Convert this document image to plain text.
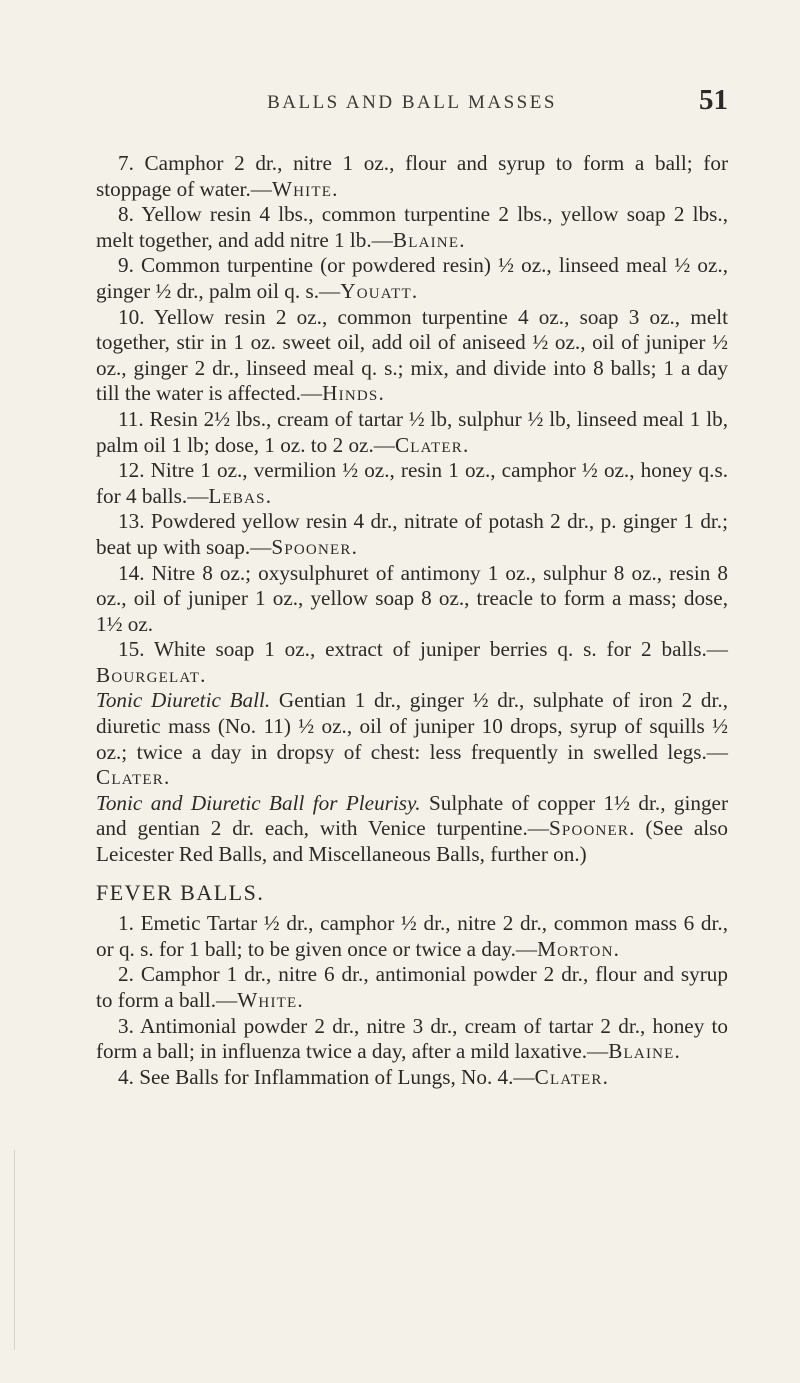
BALLS AND BALL MASSES	51

7. Camphor 2 dr., nitre 1 oz., flour and syrup to form a ball; for stoppage of water.—White.

8. Yellow resin 4 lbs., common turpentine 2 lbs., yellow soap 2 lbs., melt together, and add nitre 1 lb.—Blaine.

9. Common turpentine (or powdered resin) ½ oz., linseed meal ½ oz., ginger ½ dr., palm oil q. s.—Youatt.

10. Yellow resin 2 oz., common turpentine 4 oz., soap 3 oz., melt together, stir in 1 oz. sweet oil, add oil of aniseed ½ oz., oil of juniper ½ oz., ginger 2 dr., linseed meal q. s.; mix, and divide into 8 balls; 1 a day till the water is affected.—Hinds.

11. Resin 2½ lbs., cream of tartar ½ lb, sulphur ½ lb, linseed meal 1 lb, palm oil 1 lb; dose, 1 oz. to 2 oz.—Clater.

12. Nitre 1 oz., vermilion ½ oz., resin 1 oz., camphor ½ oz., honey q.s. for 4 balls.—Lebas.

13. Powdered yellow resin 4 dr., nitrate of potash 2 dr., p. ginger 1 dr.; beat up with soap.—Spooner.

14. Nitre 8 oz.; oxysulphuret of antimony 1 oz., sulphur 8 oz., resin 8 oz., oil of juniper 1 oz., yellow soap 8 oz., treacle to form a mass; dose, 1½ oz.

15. White soap 1 oz., extract of juniper berries q. s. for 2 balls.—Bourgelat.

Tonic Diuretic Ball. Gentian 1 dr., ginger ½ dr., sulphate of iron 2 dr., diuretic mass (No. 11) ½ oz., oil of juniper 10 drops, syrup of squills ½ oz.; twice a day in dropsy of chest: less frequently in swelled legs.—Clater.

Tonic and Diuretic Ball for Pleurisy. Sulphate of copper 1½ dr., ginger and gentian 2 dr. each, with Venice turpentine.—Spooner. (See also Leicester Red Balls, and Miscellaneous Balls, further on.)

FEVER BALLS.

1. Emetic Tartar ½ dr., camphor ½ dr., nitre 2 dr., common mass 6 dr., or q. s. for 1 ball; to be given once or twice a day.—Morton.

2. Camphor 1 dr., nitre 6 dr., antimonial powder 2 dr., flour and syrup to form a ball.—White.

3. Antimonial powder 2 dr., nitre 3 dr., cream of tartar 2 dr., honey to form a ball; in influenza twice a day, after a mild laxative.—Blaine.

4. See Balls for Inflammation of Lungs, No. 4.—Clater.
